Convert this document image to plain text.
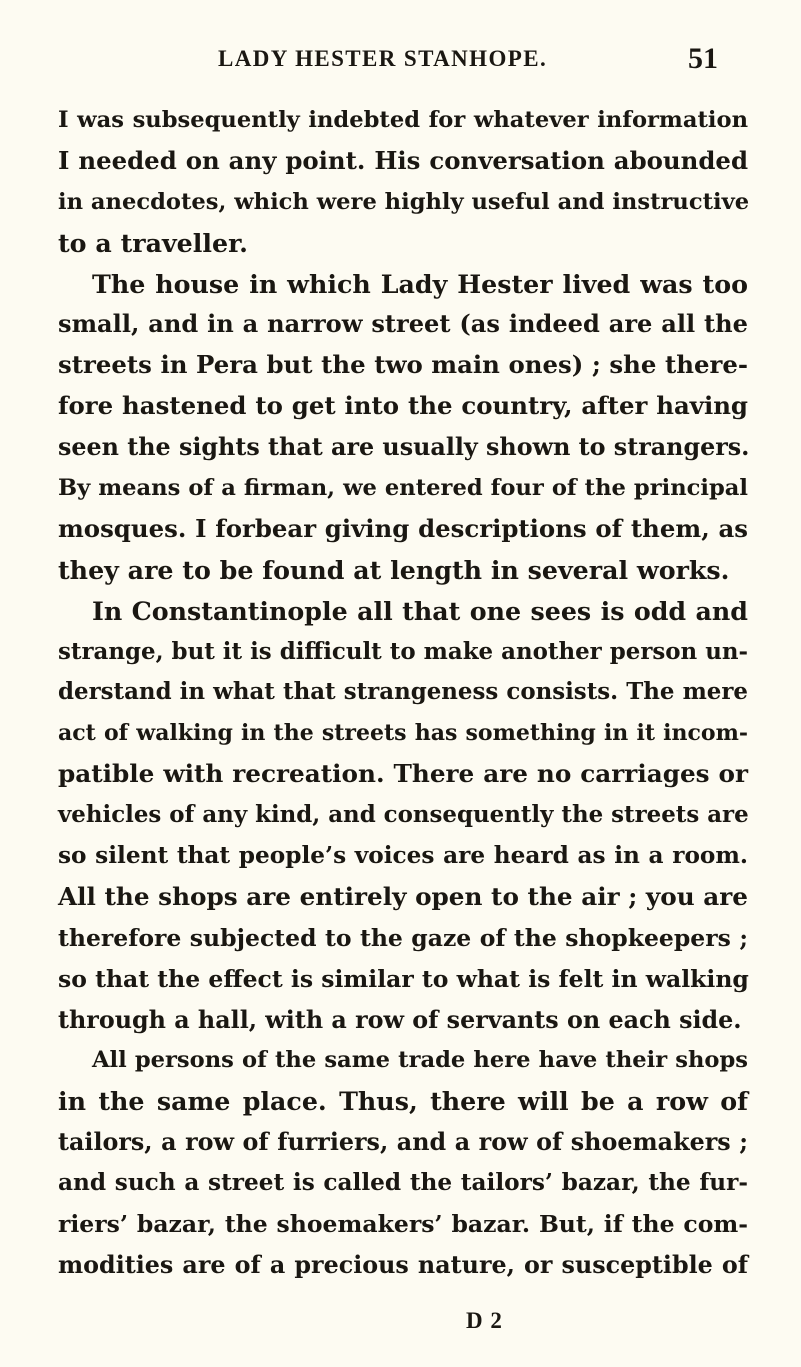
LADY HESTER STANHOPE.	51
I was subsequently indebted for whatever information
I needed on any point. His conversation abounded
in anecdotes, which were highly useful and instructive
to a traveller.
The house in which Lady Hester lived was too
small, and in a narrow street (as indeed are all the
streets in Pera but the two main ones) ; she there-
fore hastened to get into the country, after having
seen the sights that are usually shown to strangers.
By means of a firman, we entered four of the principal
mosques. I forbear giving descriptions of them, as
they are to be found at length in several works.
In Constantinople all that one sees is odd and
strange, but it is difficult to make another person un-
derstand in what that strangeness consists. The mere
act of walking in the streets has something in it incom-
patible with recreation. There are no carriages or
vehicles of any kind, and consequently the streets are
so silent that people’s voices are heard as in a room.
All the shops are entirely open to the air ; you are
therefore subjected to the gaze of the shopkeepers ;
so that the effect is similar to what is felt in walking
through a hall, with a row of servants on each side.
All persons of the same trade here have their shops
in the same place. Thus, there will be a row of
tailors, a row of furriers, and a row of shoemakers ;
and such a street is called the tailors’ bazar, the fur-
riers’ bazar, the shoemakers’ bazar. But, if the com-
modities are of a precious nature, or susceptible of
D 2
